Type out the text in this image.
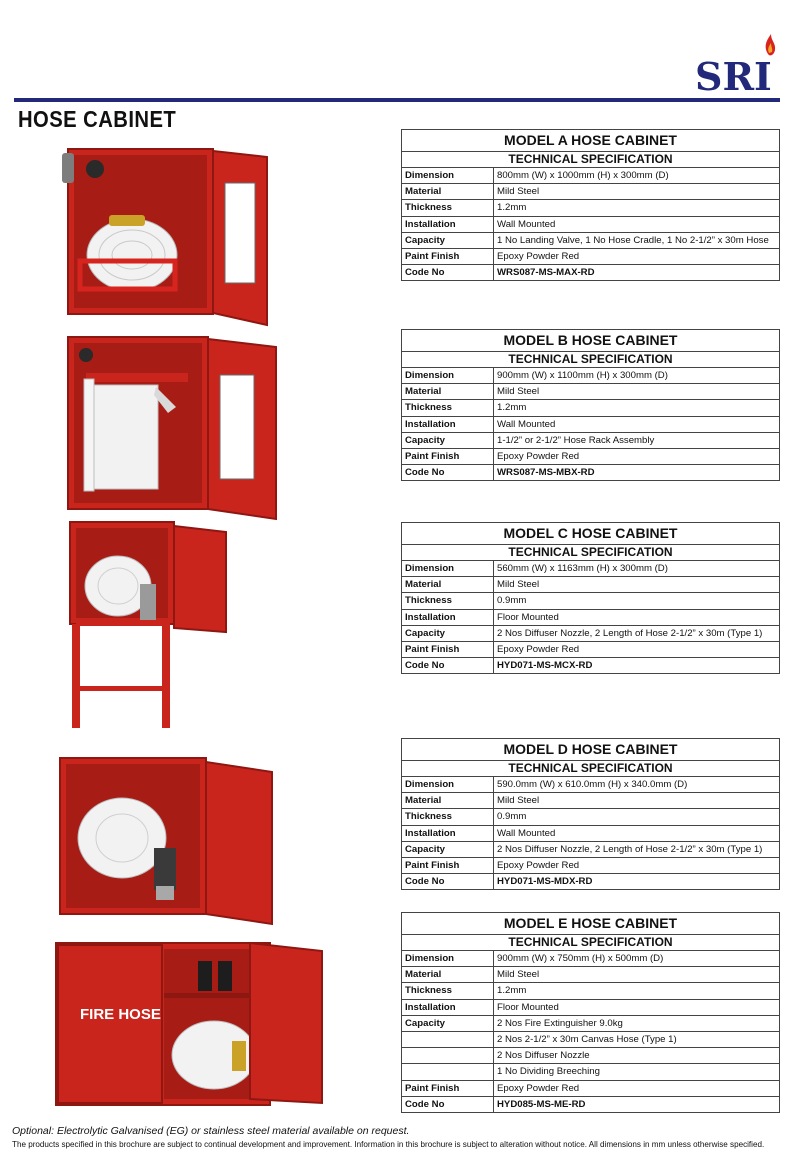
SRI
HOSE CABINET
FIRE HOSE
MODEL A HOSE CABINET	
TECHNICAL SPECIFICATION	
Dimension	800mm (W) x 1000mm (H) x 300mm (D)
Material	Mild Steel
Thickness	1.2mm
Installation	Wall Mounted
Capacity	1 No Landing Valve, 1 No Hose Cradle, 1 No 2-1/2” x 30m Hose
Paint Finish	Epoxy Powder Red
Code No	WRS087-MS-MAX-RD
MODEL B HOSE CABINET	
TECHNICAL SPECIFICATION	
Dimension	900mm (W) x 1100mm (H) x 300mm (D)
Material	Mild Steel
Thickness	1.2mm
Installation	Wall Mounted
Capacity	1-1/2” or 2-1/2” Hose Rack Assembly
Paint Finish	Epoxy Powder Red
Code No	WRS087-MS-MBX-RD
MODEL C HOSE CABINET	
TECHNICAL SPECIFICATION	
Dimension	560mm (W) x 1163mm (H) x 300mm (D)
Material	Mild Steel
Thickness	0.9mm
Installation	Floor Mounted
Capacity	2 Nos Diffuser Nozzle, 2 Length of Hose 2-1/2” x 30m (Type 1)
Paint Finish	Epoxy Powder Red
Code No	HYD071-MS-MCX-RD
MODEL D HOSE CABINET	
TECHNICAL SPECIFICATION	
Dimension	590.0mm (W) x 610.0mm (H) x 340.0mm (D)
Material	Mild Steel
Thickness	0.9mm
Installation	Wall Mounted
Capacity	2 Nos Diffuser Nozzle, 2 Length of Hose 2-1/2” x 30m (Type 1)
Paint Finish	Epoxy Powder Red
Code No	HYD071-MS-MDX-RD
MODEL E HOSE CABINET	
TECHNICAL SPECIFICATION	
Dimension	900mm (W) x 750mm (H) x 500mm (D)
Material	Mild Steel
Thickness	1.2mm
Installation	Floor Mounted
Capacity	2 Nos Fire Extinguisher 9.0kg
	2 Nos 2-1/2” x 30m Canvas Hose (Type 1)
	2 Nos Diffuser Nozzle
	1 No Dividing Breeching
Paint Finish	Epoxy Powder Red
Code No	HYD085-MS-ME-RD
Optional: Electrolytic Galvanised (EG) or stainless steel material available on request.
The products specified in this brochure are subject to continual development and improvement. Information in this brochure is subject to alteration without notice. All dimensions in mm unless otherwise specified.
